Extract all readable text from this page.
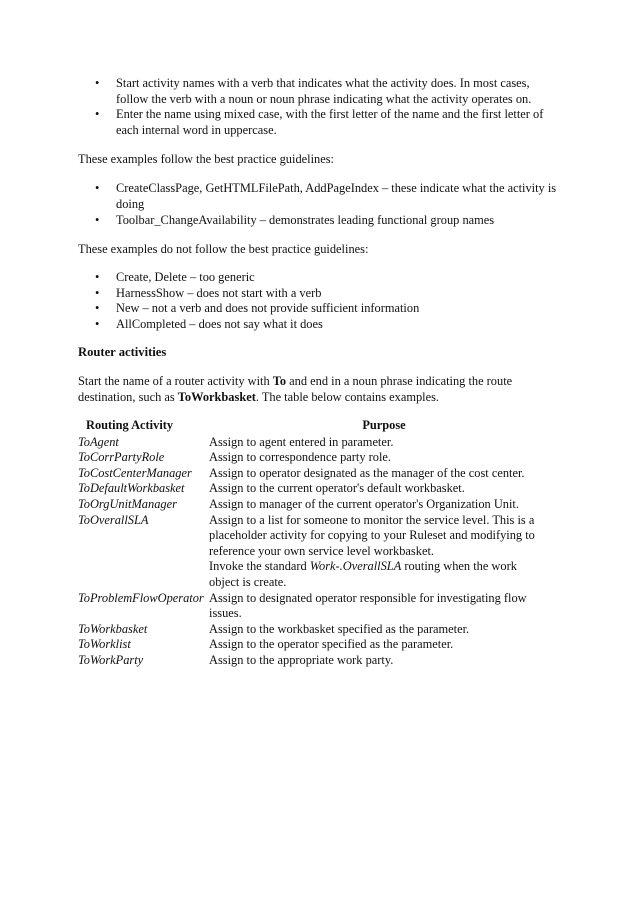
• Start activity names with a verb that indicates what the activity does. In most cases, follow the verb with a noun or noun phrase indicating what the activity operates on.
• Enter the name using mixed case, with the first letter of the name and the first letter of each internal word in uppercase.

These examples follow the best practice guidelines:

• CreateClassPage, GetHTMLFilePath, AddPageIndex – these indicate what the activity is doing
• Toolbar_ChangeAvailability – demonstrates leading functional group names

These examples do not follow the best practice guidelines:

• Create, Delete – too generic
• HarnessShow – does not start with a verb
• New – not a verb and does not provide sufficient information
• AllCompleted – does not say what it does

Router activities

Start the name of a router activity with To and end in a noun phrase indicating the route destination, such as ToWorkbasket. The table below contains examples.

Routing Activity	Purpose
ToAgent	Assign to agent entered in parameter.
ToCorrPartyRole	Assign to correspondence party role.
ToCostCenterManager	Assign to operator designated as the manager of the cost center.
ToDefaultWorkbasket	Assign to the current operator's default workbasket.
ToOrgUnitManager	Assign to manager of the current operator's Organization Unit.
ToOverallSLA	Assign to a list for someone to monitor the service level. This is a placeholder activity for copying to your Ruleset and modifying to reference your own service level workbasket.
Invoke the standard Work-.OverallSLA routing when the work object is create.
ToProblemFlowOperator Assign to designated operator responsible for investigating flow issues.
ToWorkbasket	Assign to the workbasket specified as the parameter.
ToWorklist	Assign to the operator specified as the parameter.
ToWorkParty	Assign to the appropriate work party.
